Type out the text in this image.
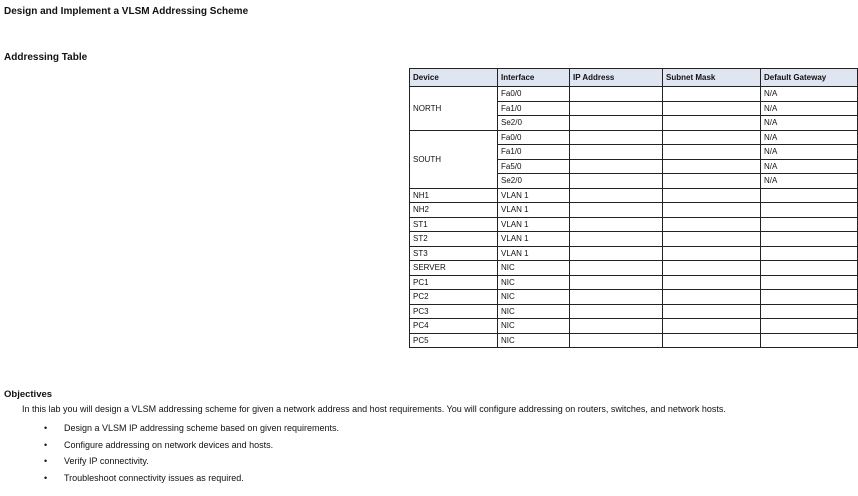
Design and Implement a VLSM Addressing Scheme
Addressing Table
Device	Interface	IP Address	Subnet Mask	Default Gateway
NORTH	Fa0/0			N/A
	Fa1/0			N/A
	Se2/0			N/A
SOUTH	Fa0/0			N/A
	Fa1/0			N/A
	Fa5/0			N/A
	Se2/0			N/A
NH1	VLAN 1			
NH2	VLAN 1			
ST1	VLAN 1			
ST2	VLAN 1			
ST3	VLAN 1			
SERVER	NIC			
PC1	NIC			
PC2	NIC			
PC3	NIC			
PC4	NIC			
PC5	NIC			
Objectives
In this lab you will design a VLSM addressing scheme for given a network address and host requirements. You will configure addressing on routers, switches, and network hosts.
• Design a VLSM IP addressing scheme based on given requirements.
• Configure addressing on network devices and hosts.
• Verify IP connectivity.
• Troubleshoot connectivity issues as required.
